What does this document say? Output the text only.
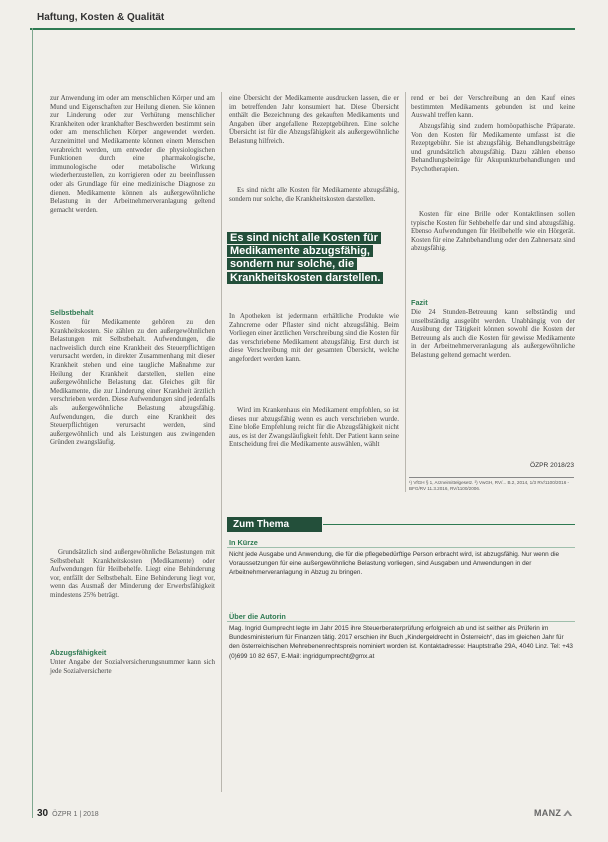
Haftung, Kosten & Qualität

zur Anwendung im oder am menschlichen Körper und am Mund und Eigenschaften zur Heilung dienen. Sie können zur Linderung oder zur Verhütung menschlicher Krankheiten oder krankhafter Beschwerden bestimmt sein oder am menschlichen Körper angewendet werden. Arzneimittel und Medikamente können einem Menschen verabreicht werden, um entweder die physiologischen Funktionen durch eine pharmakologische, immunologische oder metabolische Wirkung wiederherzustellen, zu korrigieren oder zu beeinflussen oder als Grundlage für eine medizinische Diagnose zu dienen. Medikamente können als außergewöhnliche Belastung in der Arbeitnehmerveranlagung geltend gemacht werden.

Selbstbehalt

Kosten für Medikamente gehören zu den Krankheitskosten. Sie zählen zu den außergewöhnlichen Belastungen mit Selbstbehalt. Aufwendungen, die nachweislich durch eine Krankheit des Steuerpflichtigen verursacht werden, in direkter Zusammenhang mit dieser Krankheit stehen und eine taugliche Maßnahme zur Heilung der Krankheit darstellen, stellen eine außergewöhnliche Belastung dar. Gleiches gilt für Medikamente, die zur Linderung einer Krankheit ärztlich verschrieben werden. Diese Aufwendungen sind jedenfalls als außergewöhnliche Belastung abzugsfähig. Aufwendungen, die durch eine Krankheit des Steuerpflichtigen verursacht werden, sind außergewöhnlich und als Leistungen aus zwingenden Gründen zwangsläufig.

Grundsätzlich sind außergewöhnliche Belastungen mit Selbstbehalt Krankheitskosten (Medikamente) oder Aufwendungen für Heilbehelfe. Liegt eine Behinderung vor, entfällt der Selbstbehalt. Eine Behinderung liegt vor, wenn das Ausmaß der Minderung der Erwerbsfähigkeit mindestens 25% beträgt.

Abzugsfähigkeit

Unter Angabe der Sozialversicherungsnummer kann sich jede Sozialversicherte

eine Übersicht der Medikamente ausdrucken lassen, die er im betreffenden Jahr konsumiert hat. Diese Übersicht enthält die Bezeichnung des gekauften Medikaments und Angaben über angefallene Rezeptgebühren. Eine solche Übersicht ist für die Abzugsfähigkeit als außergewöhnliche Belastung hilfreich.

Es sind nicht alle Kosten für Medikamente abzugsfähig, sondern nur solche, die Krankheitskosten darstellen.

Es sind nicht alle Kosten für Medikamente abzugsfähig, sondern nur solche, die Krankheitskosten darstellen.

In Apotheken ist jedermann erhältliche Produkte wie Zahncreme oder Pflaster sind nicht abzugsfähig. Beim Vorliegen einer ärztlichen Verschreibung sind die Kosten für das verschriebene Medikament abzugsfähig. Erst durch ist diese Verschreibung mit der gesamten Übersicht, welche angefordert werden kann.

Wird im Krankenhaus ein Medikament empfohlen, so ist dieses nur abzugsfähig wenn es auch verschrieben wurde. Eine bloße Empfehlung reicht für die Abzugsfähigkeit nicht aus, es ist der Zwangsläufigkeit fehlt. Der Patient kann seine Entscheidung frei die Medikamente auswählen, wählt

rend er bei der Verschreibung an den Kauf eines bestimmten Medikaments gebunden ist und keine Auswahl treffen kann.

Abzugsfähig sind zudem homöopathische Präparate. Von den Kosten für Medikamente umfasst ist die Rezeptgebühr. Sie ist abzugsfähig. Behandlungsbeiträge und grundsätzlich abzugsfähig. Dazu zählen ebenso Behandlungsbeiträge für Akupunkturbehandlungen und Psychotherapien.

Kosten für eine Brille oder Kontaktlinsen sollen typische Kosten für Sehbehelfe dar und sind abzugsfähig. Ebenso Aufwendungen für Heilbehelfe wie ein Hörgerät. Kosten für eine Zahnbehandlung oder den Zahnersatz sind abzugsfähig.

Fazit

Die 24 Stunden-Betreuung kann selbständig und unselbständig ausgeübt werden. Unabhängig von der Ausübung der Tätigkeit können sowohl die Kosten der Betreuung als auch die Kosten für gewisse Medikamente in der Arbeitnehmerveranlagung als außergewöhnliche Belastung geltend gemacht werden.

ÖZPR 2018/23
¹) VfGH § 1, Arzneimittelgesetz. ²) VwGH, RV/... B.2, 2014, 1/3 RV/1100/2016 - BFG/RV 11.3.2016, RV/1100/2006.
Zum Thema

In Kürze

Nicht jede Ausgabe und Anwendung, die für die pflegebedürftige Person erbracht wird, ist abzugsfähig. Nur wenn die Voraussetzungen für eine außergewöhnliche Belastung vorliegen, sind Ausgaben und Anwendungen in der Arbeitnehmerveranlagung in Abzug zu bringen.

Über die Autorin

Mag. Ingrid Gumprecht legte im Jahr 2015 ihre Steuerberaterprüfung erfolgreich ab und ist seither als Prüferin im Bundesministerium für Finanzen tätig. 2017 erschien ihr Buch „Kindergeldrecht in Österreich“, das im gleichen Jahr für den österreichischen Mehrebenenrechtspreis nominiert worden ist. Kontaktadresse: Hauptstraße 29A, 4040 Linz. Tel: +43 (0)699 10 82 657, E-Mail: ingridgumprecht@gmx.at

30 ÖZPR 1 | 2018	MANZ
